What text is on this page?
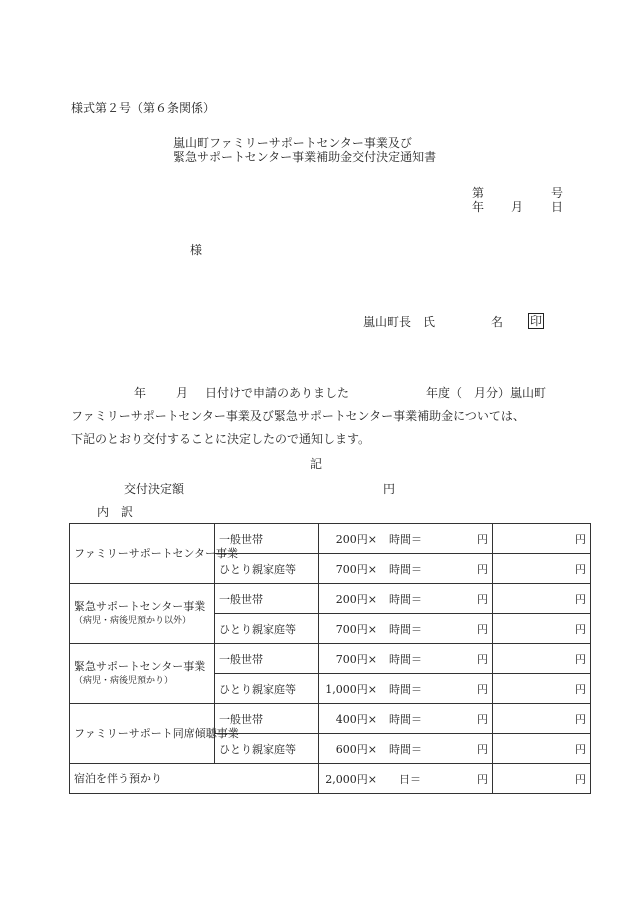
様式第２号（第６条関係）
嵐山町ファミリーサポートセンター事業及び
緊急サポートセンター事業補助金交付決定通知書
第	号
年 月 日
様
嵐山町長　氏	名 印
年 月 日付けで申請のありました	年度（　月分）嵐山町
ファミリーサポートセンター事業及び緊急サポートセンター事業補助金については、
下記のとおり交付することに決定したので通知します。
記
交付決定額	円
内　訳
ファミリーサポートセンター事業	一般世帯	200円× 時間＝ 円	円
	ひとり親家庭等	700円× 時間＝ 円	円
緊急サポートセンター事業
（病児・病後児預かり以外）	一般世帯	200円× 時間＝ 円	円
	ひとり親家庭等	700円× 時間＝ 円	円
緊急サポートセンター事業
（病児・病後児預かり）	一般世帯	700円× 時間＝ 円	円
	ひとり親家庭等	1,000円× 時間＝ 円	円
ファミリーサポート同席傾聴事業	一般世帯	400円× 時間＝ 円	円
	ひとり親家庭等	600円× 時間＝ 円	円
宿泊を伴う預かり		2,000円× 日＝ 円	円
